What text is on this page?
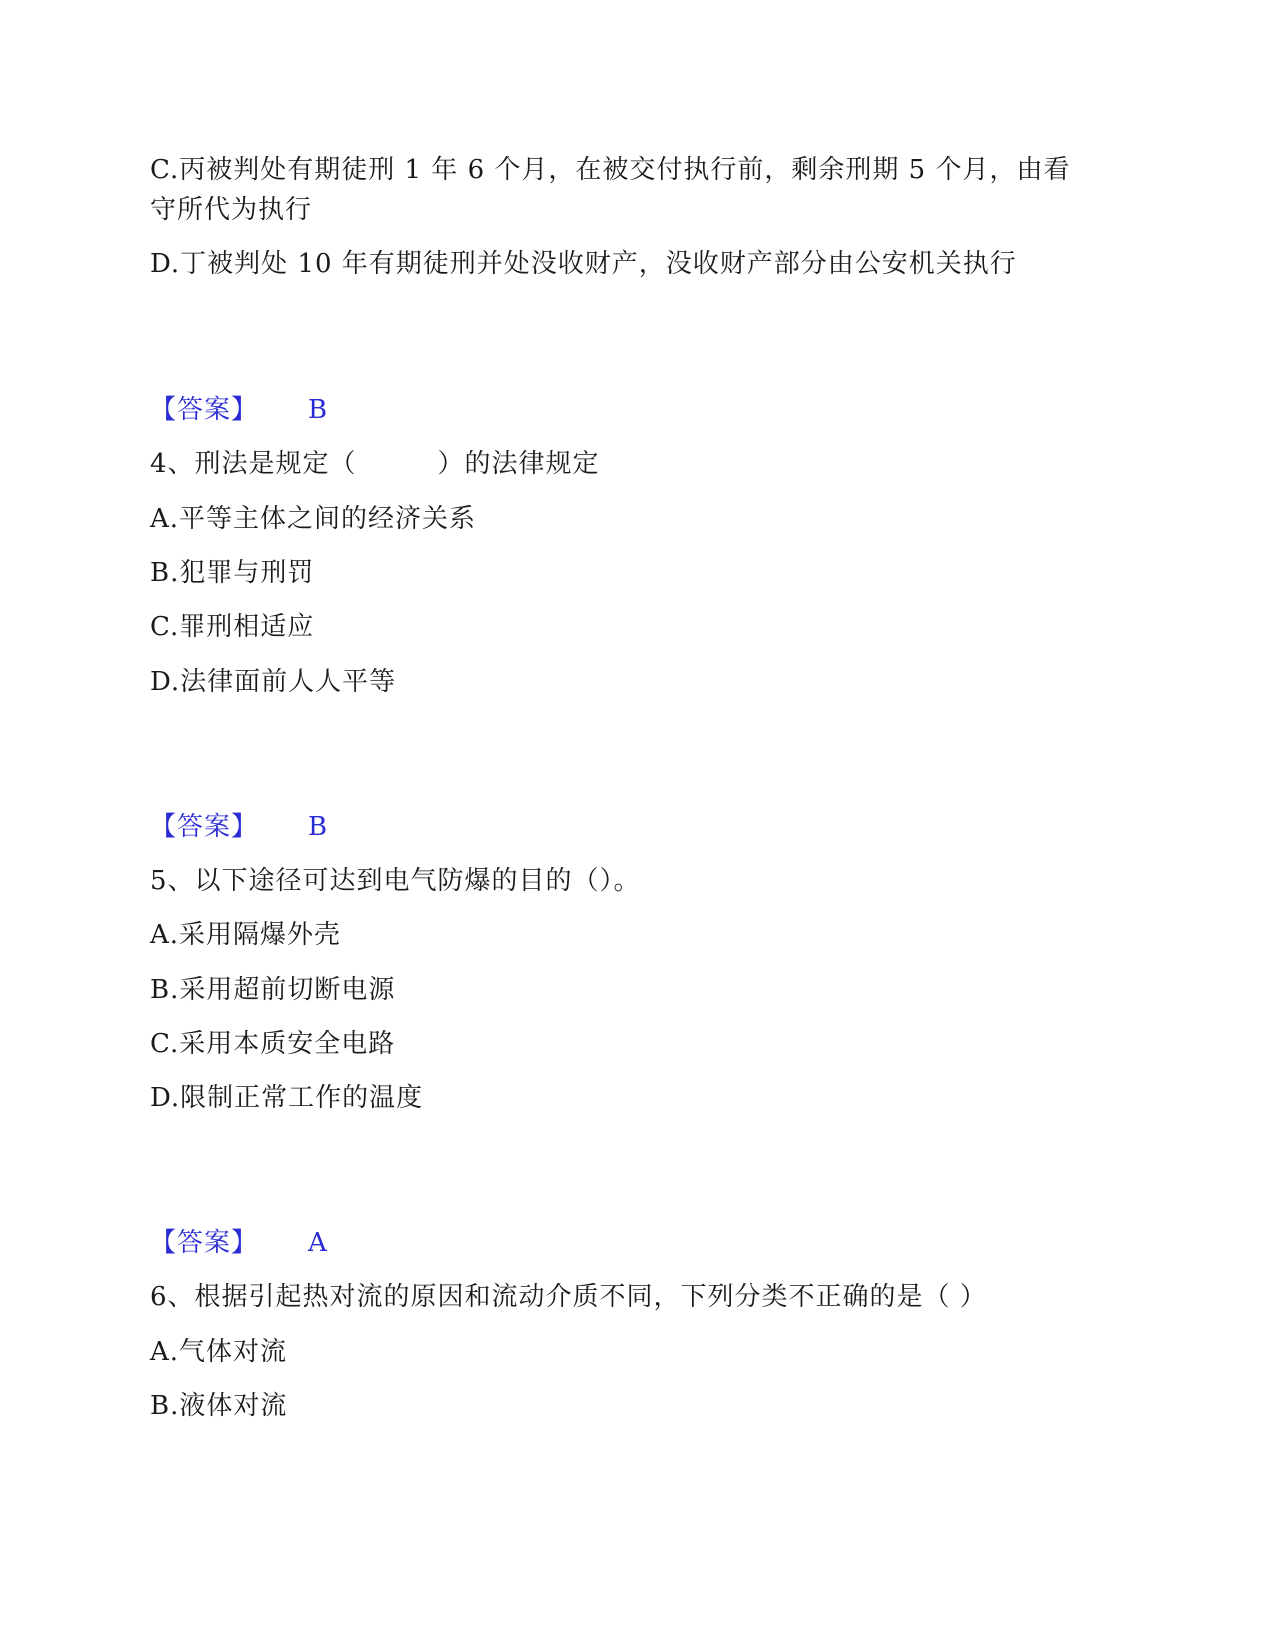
C.丙被判处有期徒刑 1 年 6 个月，在被交付执行前，剩余刑期 5 个月，由看
守所代为执行
D.丁被判处 10 年有期徒刑并处没收财产，没收财产部分由公安机关执行
【答案】 B
4、刑法是规定（　　　）的法律规定
A.平等主体之间的经济关系
B.犯罪与刑罚
C.罪刑相适应
D.法律面前人人平等
【答案】 B
5、以下途径可达到电气防爆的目的（）。
A.采用隔爆外壳
B.采用超前切断电源
C.采用本质安全电路
D.限制正常工作的温度
【答案】 A
6、根据引起热对流的原因和流动介质不同，下列分类不正确的是（ ）
A.气体对流
B.液体对流
